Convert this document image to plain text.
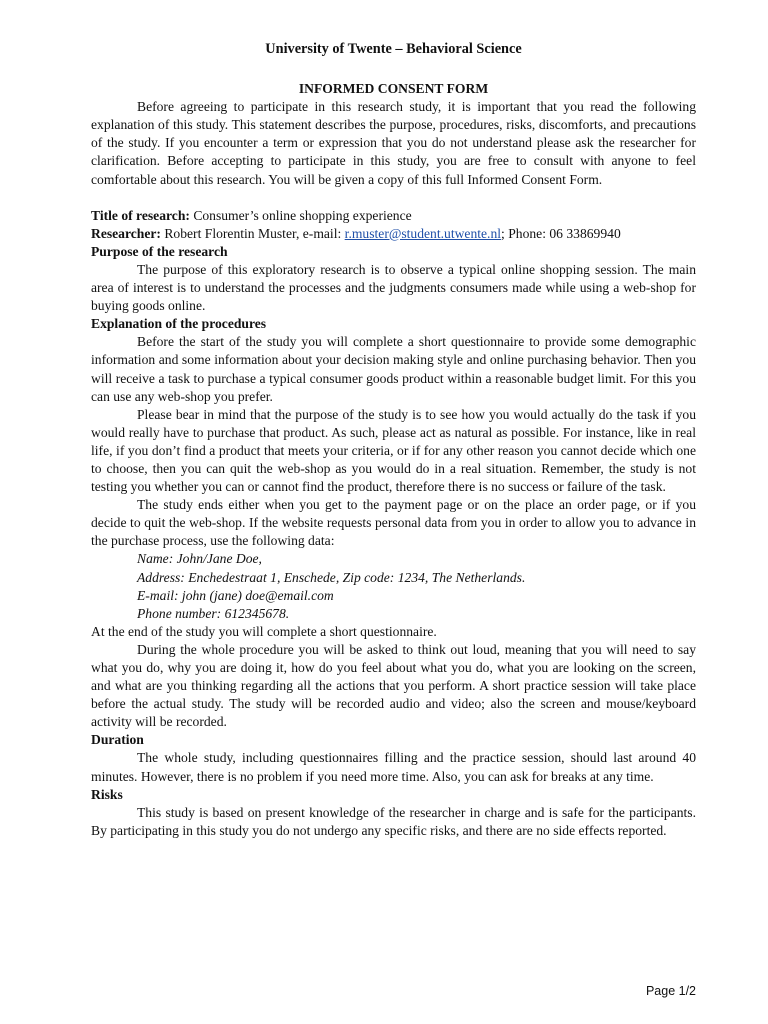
University of Twente – Behavioral Science
INFORMED CONSENT FORM

Before agreeing to participate in this research study, it is important that you read the following explanation of this study. This statement describes the purpose, procedures, risks, discomforts, and precautions of the study. If you encounter a term or expression that you do not understand please ask the researcher for clarification. Before accepting to participate in this study, you are free to consult with anyone to feel comfortable about this research. You will be given a copy of this full Informed Consent Form.

Title of research: Consumer’s online shopping experience

Researcher: Robert Florentin Muster, e-mail: r.muster@student.utwente.nl; Phone: 06 33869940

Purpose of the research

The purpose of this exploratory research is to observe a typical online shopping session. The main area of interest is to understand the processes and the judgments consumers made while using a web-shop for buying goods online.

Explanation of the procedures

Before the start of the study you will complete a short questionnaire to provide some demographic information and some information about your decision making style and online purchasing behavior. Then you will receive a task to purchase a typical consumer goods product within a reasonable budget limit. For this you can use any web-shop you prefer.

Please bear in mind that the purpose of the study is to see how you would actually do the task if you would really have to purchase that product. As such, please act as natural as possible. For instance, like in real life, if you don’t find a product that meets your criteria, or if for any other reason you cannot decide which one to choose, then you can quit the web-shop as you would do in a real situation. Remember, the study is not testing you whether you can or cannot find the product, therefore there is no success or failure of the task.

The study ends either when you get to the payment page or on the place an order page, or if you decide to quit the web-shop. If the website requests personal data from you in order to allow you to advance in the purchase process, use the following data:

Name: John/Jane Doe,
Address: Enchedestraat 1, Enschede, Zip code: 1234, The Netherlands.
E-mail: john (jane) doe@email.com
Phone number: 612345678.

At the end of the study you will complete a short questionnaire.

During the whole procedure you will be asked to think out loud, meaning that you will need to say what you do, why you are doing it, how do you feel about what you do, what you are looking on the screen, and what are you thinking regarding all the actions that you perform. A short practice session will take place before the actual study. The study will be recorded audio and video; also the screen and mouse/keyboard activity will be recorded.

Duration

The whole study, including questionnaires filling and the practice session, should last around 40 minutes. However, there is no problem if you need more time. Also, you can ask for breaks at any time.

Risks

This study is based on present knowledge of the researcher in charge and is safe for the participants. By participating in this study you do not undergo any specific risks, and there are no side effects reported.

Page 1/2
